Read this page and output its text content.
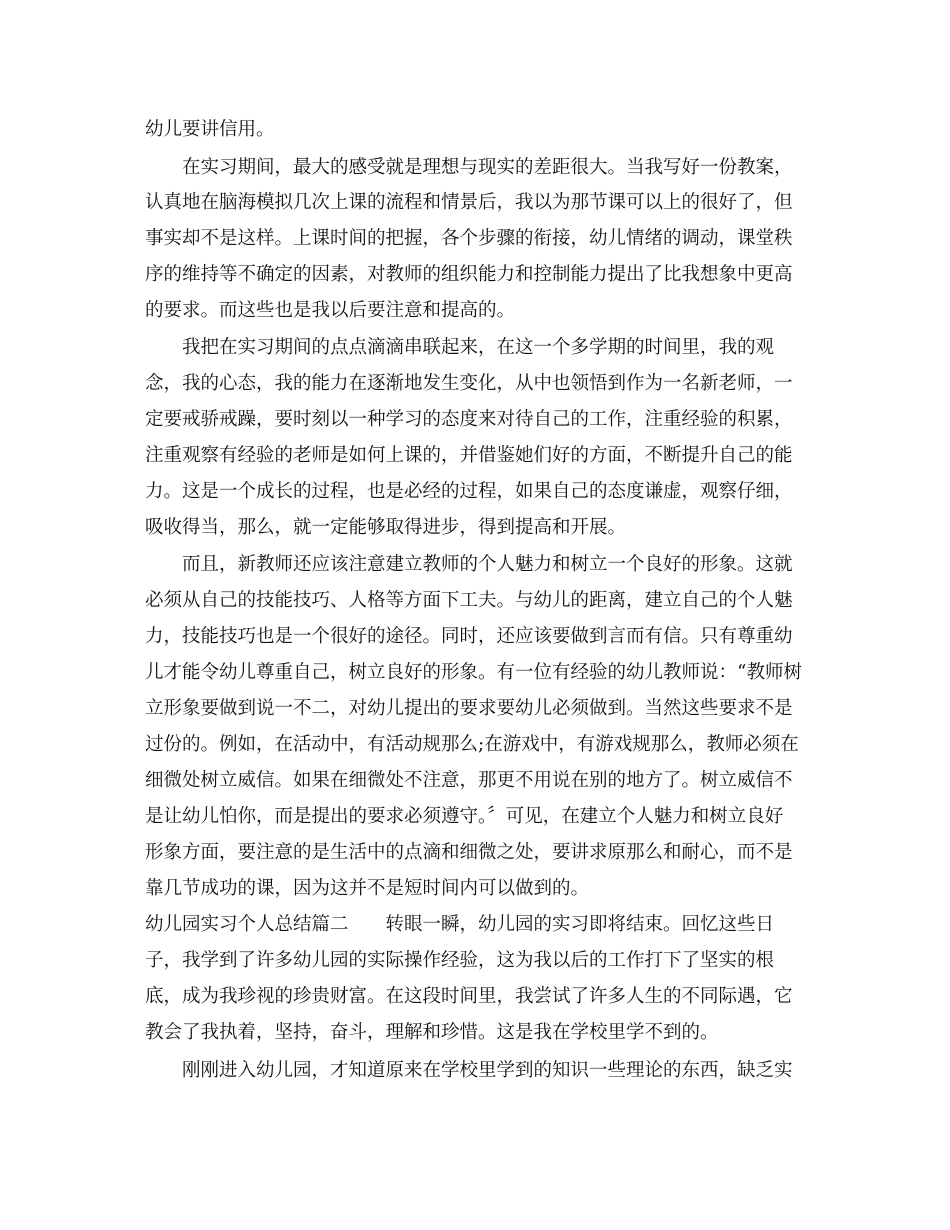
幼儿要讲信用。
在实习期间，最大的感受就是理想与现实的差距很大。当我写好一份教案，
认真地在脑海模拟几次上课的流程和情景后，我以为那节课可以上的很好了，但
事实却不是这样。上课时间的把握，各个步骤的衔接，幼儿情绪的调动，课堂秩
序的维持等不确定的因素，对教师的组织能力和控制能力提出了比我想象中更高
的要求。而这些也是我以后要注意和提高的。
我把在实习期间的点点滴滴串联起来，在这一个多学期的时间里，我的观
念，我的心态，我的能力在逐渐地发生变化，从中也领悟到作为一名新老师，一
定要戒骄戒躁，要时刻以一种学习的态度来对待自己的工作，注重经验的积累，
注重观察有经验的老师是如何上课的，并借鉴她们好的方面，不断提升自己的能
力。这是一个成长的过程，也是必经的过程，如果自己的态度谦虚，观察仔细，
吸收得当，那么，就一定能够取得进步，得到提高和开展。
而且，新教师还应该注意建立教师的个人魅力和树立一个良好的形象。这就
必须从自己的技能技巧、人格等方面下工夫。与幼儿的距离，建立自己的个人魅
力，技能技巧也是一个很好的途径。同时，还应该要做到言而有信。只有尊重幼
儿才能令幼儿尊重自己，树立良好的形象。有一位有经验的幼儿教师说：“教师树
立形象要做到说一不二，对幼儿提出的要求要幼儿必须做到。当然这些要求不是
过份的。例如，在活动中，有活动规那么;在游戏中，有游戏规那么，教师必须在
细微处树立威信。如果在细微处不注意，那更不用说在别的地方了。树立威信不
是让幼儿怕你，而是提出的要求必须遵守。〞可见，在建立个人魅力和树立良好
形象方面，要注意的是生活中的点滴和细微之处，要讲求原那么和耐心，而不是
靠几节成功的课，因为这并不是短时间内可以做到的。
幼儿园实习个人总结篇二　　转眼一瞬，幼儿园的实习即将结束。回忆这些日
子，我学到了许多幼儿园的实际操作经验，这为我以后的工作打下了坚实的根
底，成为我珍视的珍贵财富。在这段时间里，我尝试了许多人生的不同际遇，它
教会了我执着，坚持，奋斗，理解和珍惜。这是我在学校里学不到的。
刚刚进入幼儿园，才知道原来在学校里学到的知识一些理论的东西，缺乏实
